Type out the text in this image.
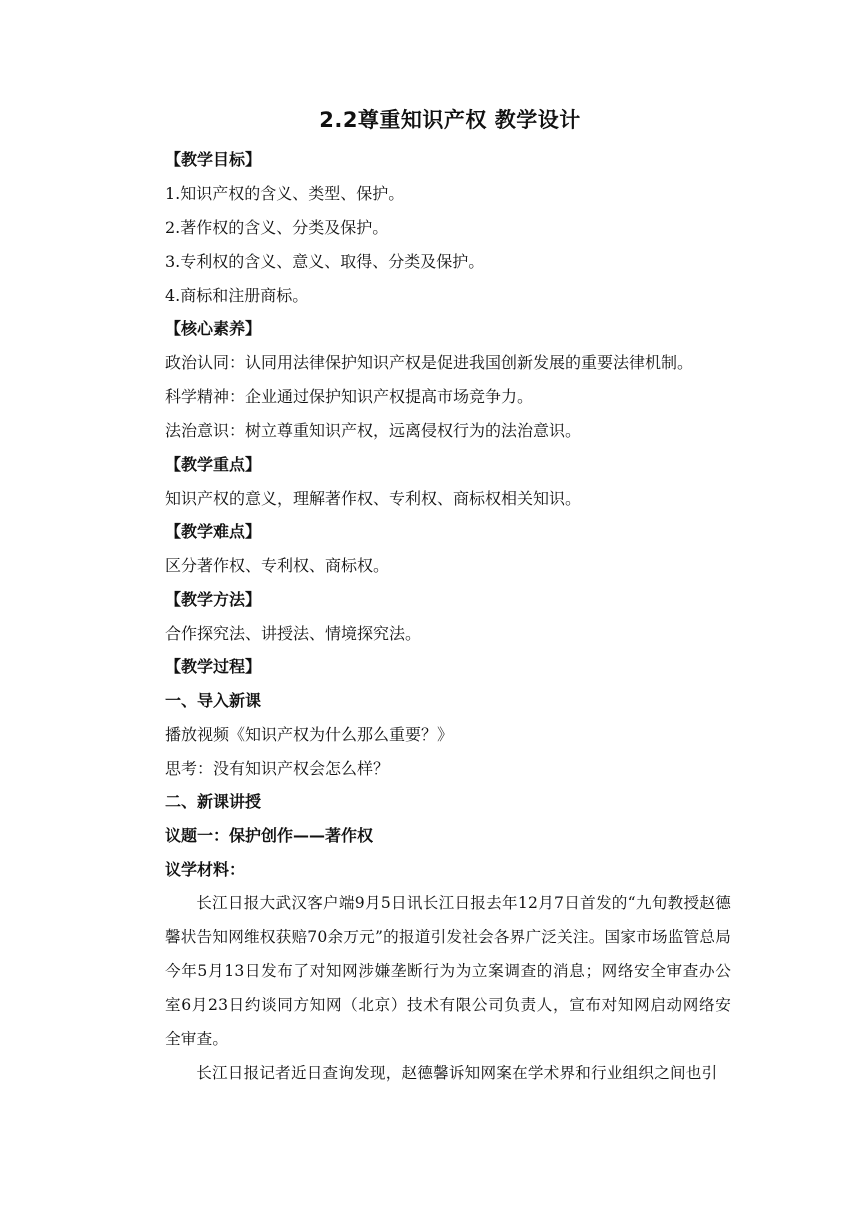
2.2尊重知识产权 教学设计

【教学目标】

1.知识产权的含义、类型、保护。

2.著作权的含义、分类及保护。

3.专利权的含义、意义、取得、分类及保护。

4.商标和注册商标。

【核心素养】

政治认同：认同用法律保护知识产权是促进我国创新发展的重要法律机制。

科学精神：企业通过保护知识产权提高市场竞争力。

法治意识：树立尊重知识产权，远离侵权行为的法治意识。

【教学重点】

知识产权的意义，理解著作权、专利权、商标权相关知识。

【教学难点】

区分著作权、专利权、商标权。

【教学方法】

合作探究法、讲授法、情境探究法。

【教学过程】

一、导入新课

播放视频《知识产权为什么那么重要？》

思考：没有知识产权会怎么样？

二、新课讲授

议题一：保护创作——著作权

议学材料：

长江日报大武汉客户端9月5日讯长江日报去年12月7日首发的“九旬教授赵德馨状告知网维权获赔70余万元”的报道引发社会各界广泛关注。国家市场监管总局今年5月13日发布了对知网涉嫌垄断行为为立案调查的消息；网络安全审查办公室6月23日约谈同方知网（北京）技术有限公司负责人，宣布对知网启动网络安全审查。

长江日报记者近日查询发现，赵德馨诉知网案在学术界和行业组织之间也引
